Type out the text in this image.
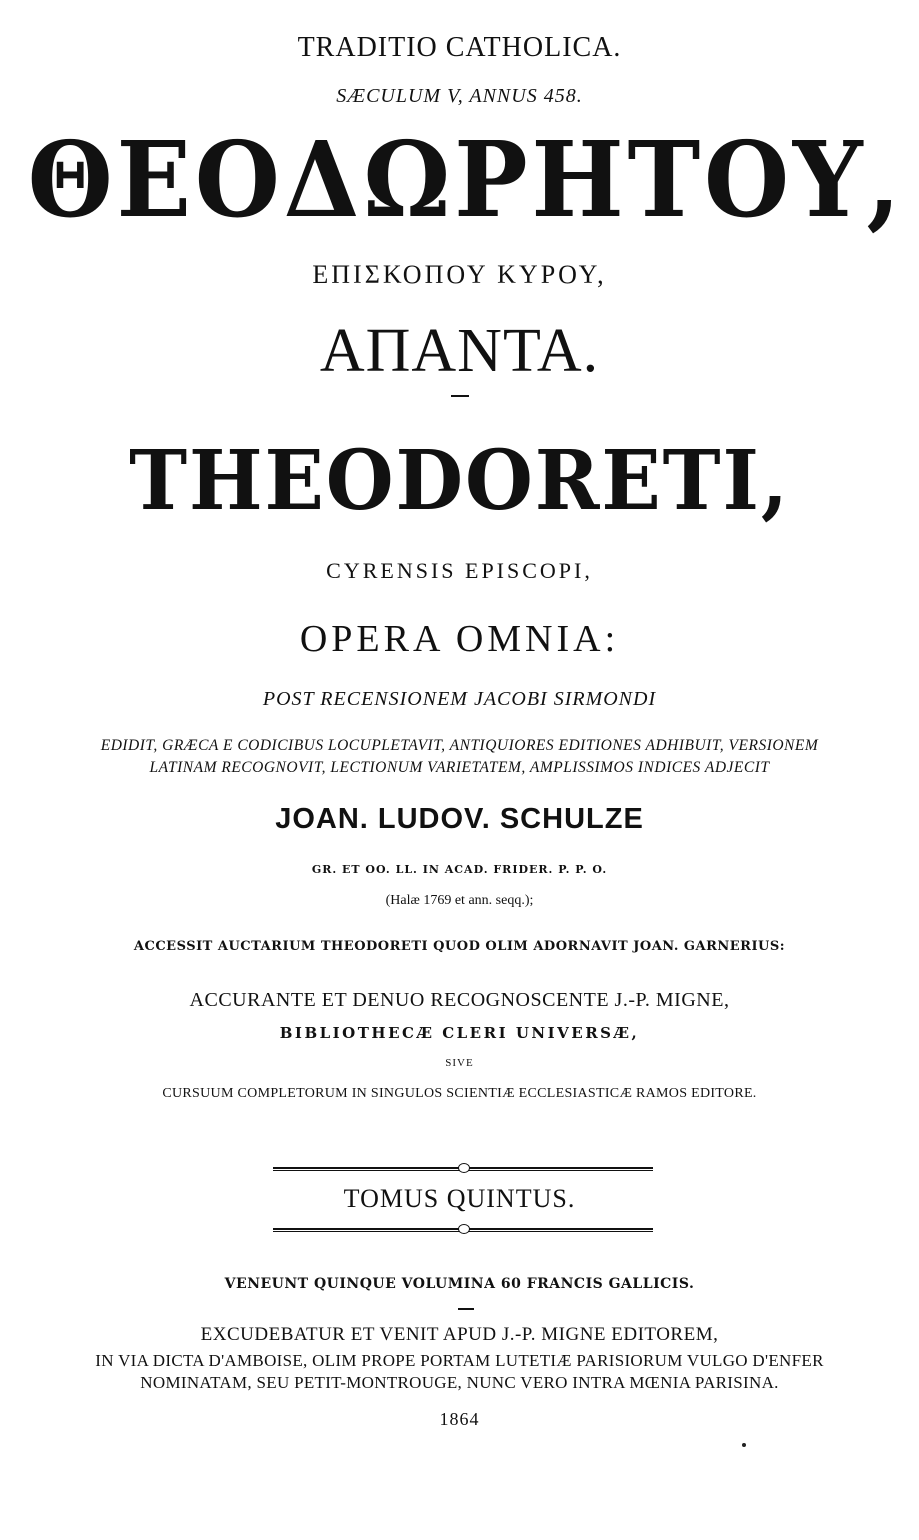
TRADITIO CATHOLICA.
SÆCULUM V, ANNUS 458.
ΘΕΟΔΩΡΗΤΟΥ,
ΕΠΙΣΚΟΠΟΥ ΚΥΡΟΥ,
ΑΠΑΝΤΑ.
THEODORETI,
CYRENSIS EPISCOPI,
OPERA OMNIA:
POST RECENSIONEM JACOBI SIRMONDI
EDIDIT, GRÆCA E CODICIBUS LOCUPLETAVIT, ANTIQUIORES EDITIONES ADHIBUIT, VERSIONEM
LATINAM RECOGNOVIT, LECTIONUM VARIETATEM, AMPLISSIMOS INDICES ADJECIT
JOAN. LUDOV. SCHULZE
GR. ET OO. LL. IN ACAD. FRIDER. P. P. O.
(Halæ 1769 et ann. seqq.);
ACCESSIT AUCTARIUM THEODORETI QUOD OLIM ADORNAVIT JOAN. GARNERIUS:
ACCURANTE ET DENUO RECOGNOSCENTE J.-P. MIGNE,
BIBLIOTHECÆ CLERI UNIVERSÆ,
SIVE
CURSUUM COMPLETORUM IN SINGULOS SCIENTIÆ ECCLESIASTICÆ RAMOS EDITORE.
TOMUS QUINTUS.
VENEUNT QUINQUE VOLUMINA 60 FRANCIS GALLICIS.
EXCUDEBATUR ET VENIT APUD J.-P. MIGNE EDITOREM,
IN VIA DICTA D'AMBOISE, OLIM PROPE PORTAM LUTETIÆ PARISIORUM VULGO D'ENFER
NOMINATAM, SEU PETIT-MONTROUGE, NUNC VERO INTRA MŒNIA PARISINA.
1864
